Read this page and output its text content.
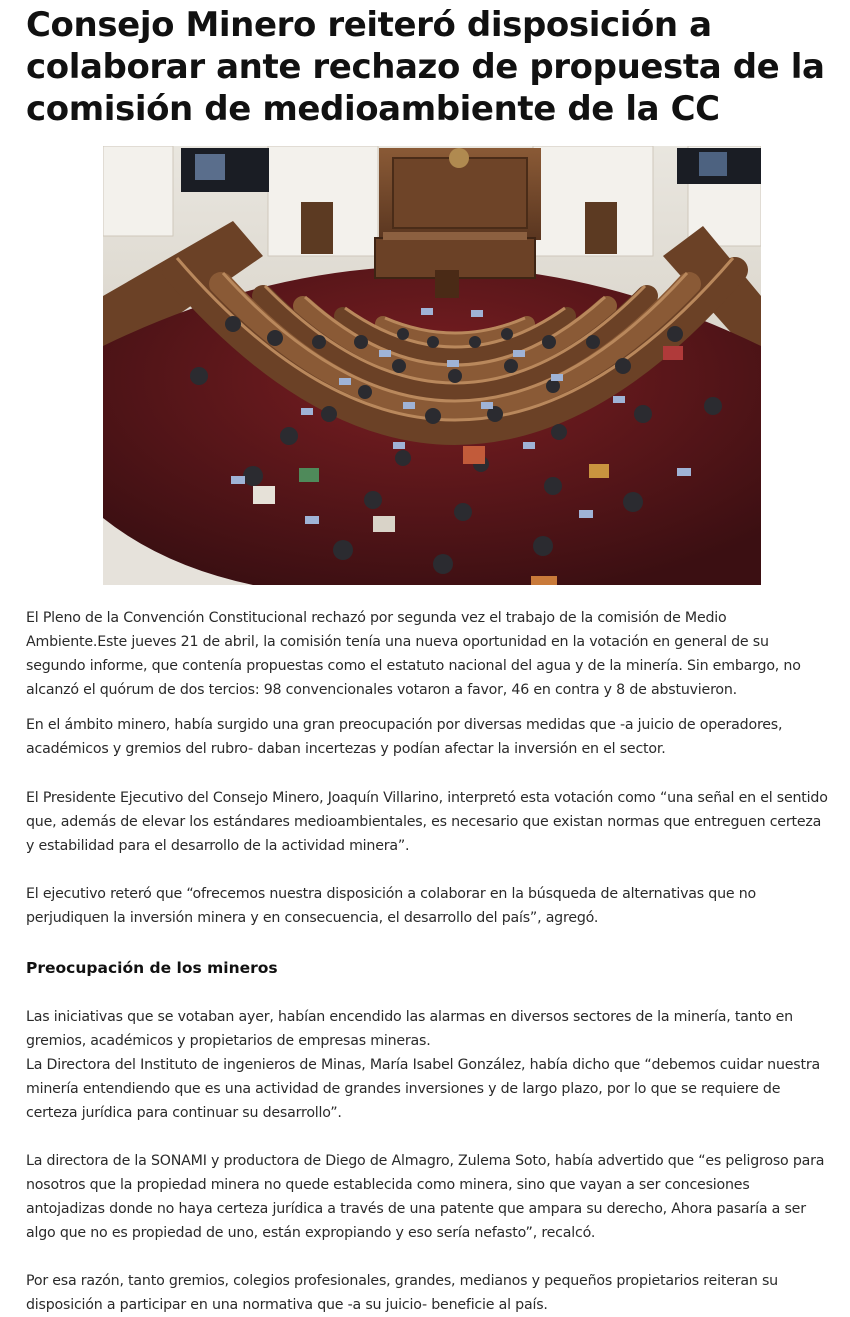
Consejo Minero reiteró disposición a colaborar ante rechazo de propuesta de la comisión de medioambiente de la CC

El Pleno de la Convención Constitucional rechazó por segunda vez el trabajo de la comisión de Medio Ambiente.Este jueves 21 de abril, la comisión tenía una nueva oportunidad en la votación en general de su segundo informe, que contenía propuestas como el estatuto nacional del agua y de la minería. Sin embargo, no alcanzó el quórum de dos tercios: 98 convencionales votaron a favor, 46 en contra y 8 de abstuvieron.

En el ámbito minero, había surgido una gran preocupación por diversas medidas que -a juicio de operadores, académicos y gremios del rubro- daban incertezas y podían afectar la inversión en el sector.

El Presidente Ejecutivo del Consejo Minero, Joaquín Villarino, interpretó esta votación como “una señal en el sentido que, además de elevar los estándares medioambientales, es necesario que existan normas que entreguen certeza y estabilidad para el desarrollo de la actividad minera”.

El ejecutivo reteró que “ofrecemos nuestra disposición a colaborar en la búsqueda de alternativas que no perjudiquen la inversión minera y en consecuencia, el desarrollo del país”, agregó.

Preocupación de los mineros

Las iniciativas que se votaban ayer, habían encendido las alarmas en diversos sectores de la minería, tanto en gremios, académicos y propietarios de empresas mineras.

La Directora del Instituto de ingenieros de Minas, María Isabel González, había dicho que “debemos cuidar nuestra minería entendiendo que es una actividad de grandes inversiones y de largo plazo, por lo que se requiere de certeza jurídica para continuar su desarrollo”.

La directora de la SONAMI y productora de Diego de Almagro, Zulema Soto, había advertido que “es peligroso para nosotros que la propiedad minera no quede establecida como minera, sino que vayan a ser concesiones antojadizas donde no haya certeza jurídica a través de una patente que ampara su derecho, Ahora pasaría a ser algo que no es propiedad de uno, están expropiando y eso sería nefasto”, recalcó.

Por esa razón, tanto gremios, colegios profesionales, grandes, medianos y pequeños propietarios reiteran su disposición a participar en una normativa que -a su juicio- beneficie al país.
